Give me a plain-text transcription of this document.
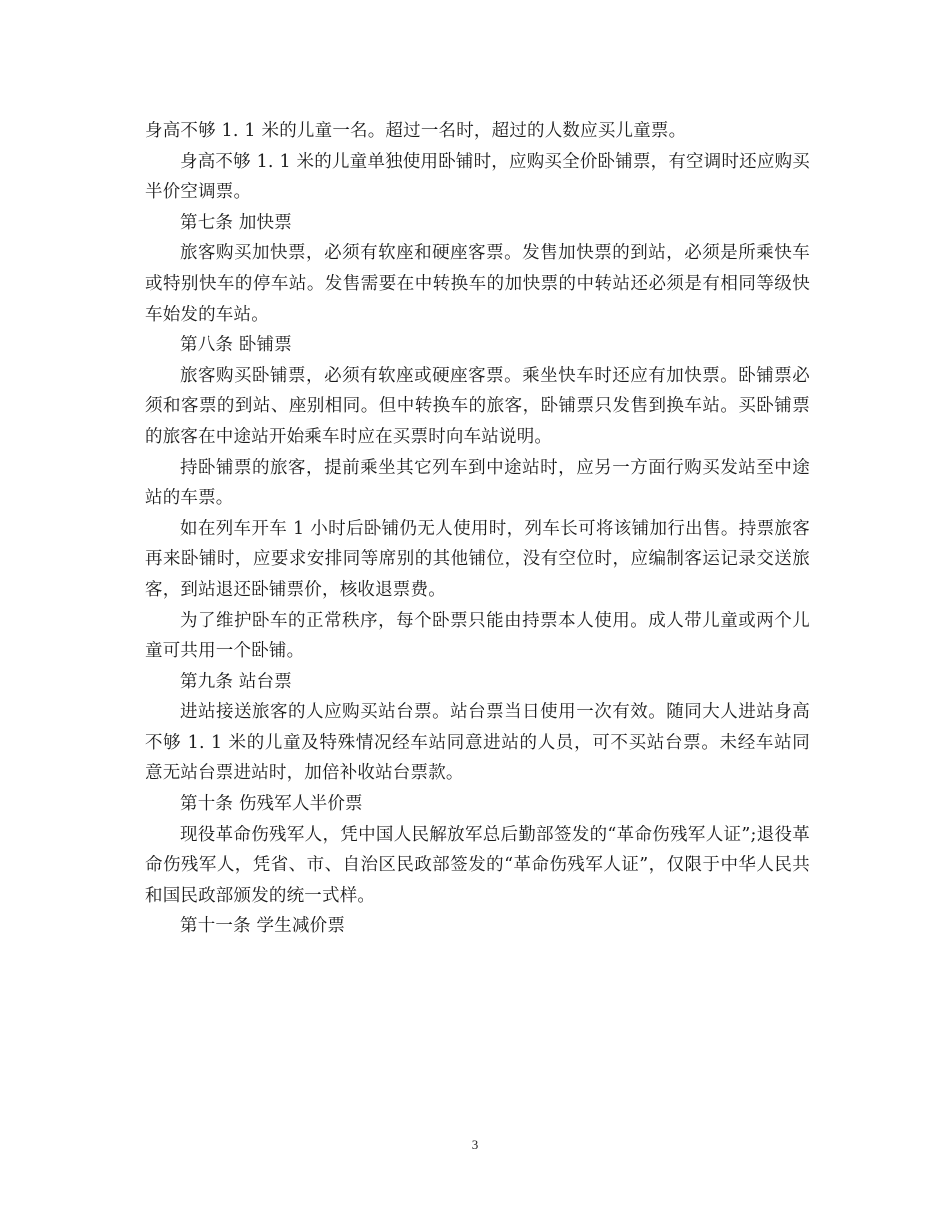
身高不够 1. 1 米的儿童一名。超过一名时，超过的人数应买儿童票。

身高不够 1. 1 米的儿童单独使用卧铺时，应购买全价卧铺票，有空调时还应购买半价空调票。

第七条 加快票

旅客购买加快票，必须有软座和硬座客票。发售加快票的到站，必须是所乘快车或特别快车的停车站。发售需要在中转换车的加快票的中转站还必须是有相同等级快车始发的车站。

第八条 卧铺票

旅客购买卧铺票，必须有软座或硬座客票。乘坐快车时还应有加快票。卧铺票必须和客票的到站、座别相同。但中转换车的旅客，卧铺票只发售到换车站。买卧铺票的旅客在中途站开始乘车时应在买票时向车站说明。

持卧铺票的旅客，提前乘坐其它列车到中途站时，应另一方面行购买发站至中途站的车票。

如在列车开车 1 小时后卧铺仍无人使用时，列车长可将该铺加行出售。持票旅客再来卧铺时，应要求安排同等席别的其他铺位，没有空位时，应编制客运记录交送旅客，到站退还卧铺票价，核收退票费。

为了维护卧车的正常秩序，每个卧票只能由持票本人使用。成人带儿童或两个儿童可共用一个卧铺。

第九条 站台票

进站接送旅客的人应购买站台票。站台票当日使用一次有效。随同大人进站身高不够 1. 1 米的儿童及特殊情况经车站同意进站的人员，可不买站台票。未经车站同意无站台票进站时，加倍补收站台票款。

第十条 伤残军人半价票

现役革命伤残军人，凭中国人民解放军总后勤部签发的“革命伤残军人证”;退役革命伤残军人，凭省、市、自治区民政部签发的“革命伤残军人证”，仅限于中华人民共和国民政部颁发的统一式样。

第十一条 学生减价票

3
